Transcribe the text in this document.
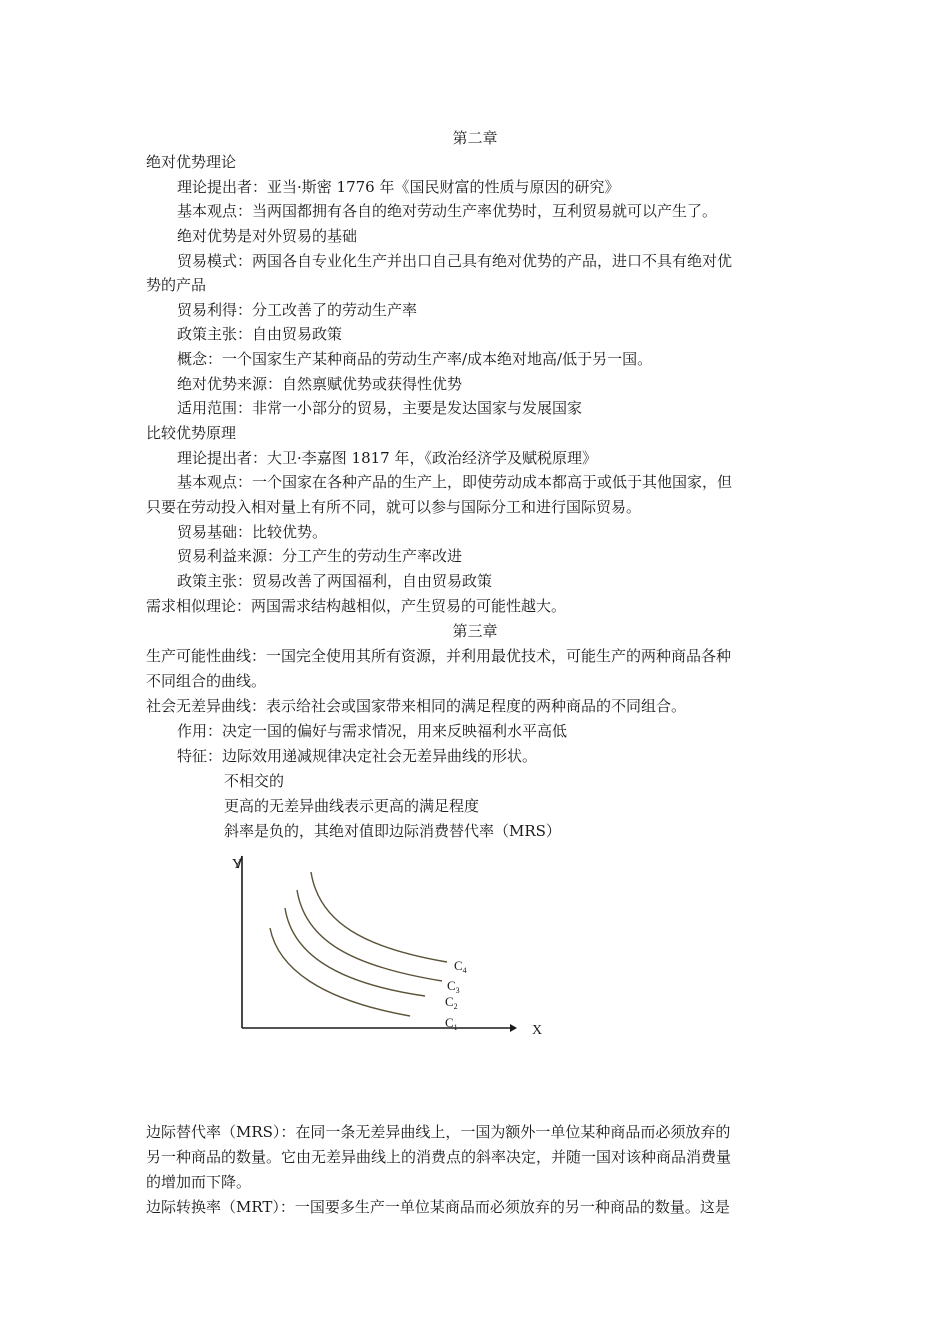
第二章
绝对优势理论
理论提出者：亚当·斯密 1776 年《国民财富的性质与原因的研究》
基本观点：当两国都拥有各自的绝对劳动生产率优势时，互利贸易就可以产生了。
绝对优势是对外贸易的基础
贸易模式：两国各自专业化生产并出口自己具有绝对优势的产品，进口不具有绝对优
势的产品
贸易利得：分工改善了的劳动生产率
政策主张：自由贸易政策
概念：一个国家生产某种商品的劳动生产率/成本绝对地高/低于另一国。
绝对优势来源：自然禀赋优势或获得性优势
适用范围：非常一小部分的贸易，主要是发达国家与发展国家
比较优势原理
理论提出者：大卫·李嘉图 1817 年，《政治经济学及赋税原理》
基本观点：一个国家在各种产品的生产上，即使劳动成本都高于或低于其他国家，但
只要在劳动投入相对量上有所不同，就可以参与国际分工和进行国际贸易。
贸易基础：比较优势。
贸易利益来源：分工产生的劳动生产率改进
政策主张：贸易改善了两国福利，自由贸易政策
需求相似理论：两国需求结构越相似，产生贸易的可能性越大。
第三章
生产可能性曲线：一国完全使用其所有资源，并利用最优技术，可能生产的两种商品各种
不同组合的曲线。
社会无差异曲线：表示给社会或国家带来相同的满足程度的两种商品的不同组合。
作用：决定一国的偏好与需求情况，用来反映福利水平高低
特征：边际效用递减规律决定社会无差异曲线的形状。
不相交的
更高的无差异曲线表示更高的满足程度
斜率是负的，其绝对值即边际消费替代率（MRS）
Y
X
$C_1$
$C_2$
$C_3$
$C_4$
边际替代率（MRS）：在同一条无差异曲线上，一国为额外一单位某种商品而必须放弃的
另一种商品的数量。它由无差异曲线上的消费点的斜率决定，并随一国对该种商品消费量
的增加而下降。
边际转换率（MRT）：一国要多生产一单位某商品而必须放弃的另一种商品的数量。这是
